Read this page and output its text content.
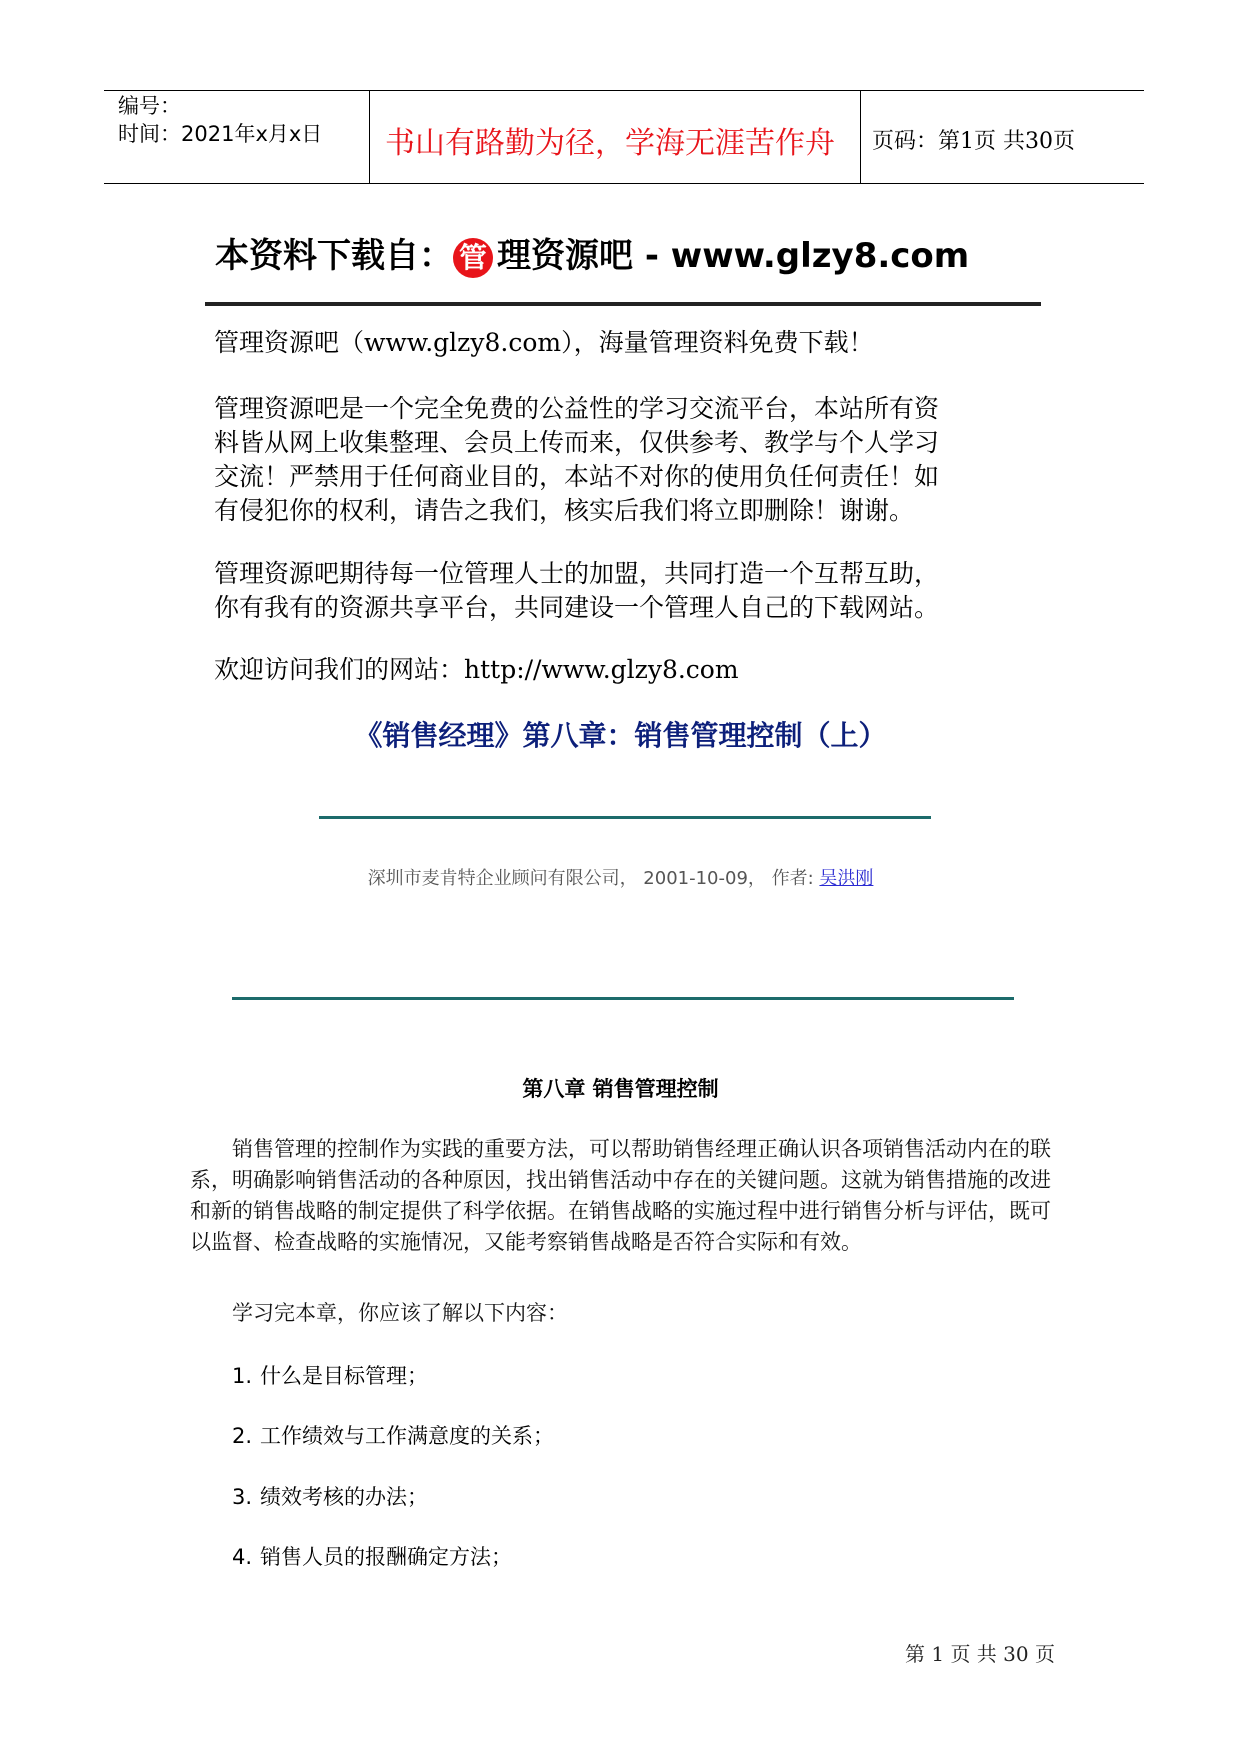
编号：
时间：2021年x月x日	书山有路勤为径，学海无涯苦作舟	页码：第1页 共30页
本资料下载自： 管 理资源吧 - www.glzy8.com
管理资源吧（www.glzy8.com），海量管理资料免费下载！

管理资源吧是一个完全免费的公益性的学习交流平台，本站所有资

料皆从网上收集整理、会员上传而来，仅供参考、教学与个人学习

交流！严禁用于任何商业目的，本站不对你的使用负任何责任！如

有侵犯你的权利，请告之我们，核实后我们将立即删除！谢谢。

管理资源吧期待每一位管理人士的加盟，共同打造一个互帮互助，

你有我有的资源共享平台，共同建设一个管理人自己的下载网站。

欢迎访问我们的网站：http://www.glzy8.com
《销售经理》第八章：销售管理控制（上）
深圳市麦肯特企业顾问有限公司， 2001-10-09， 作者: 吴洪刚
第八章 销售管理控制
销售管理的控制作为实践的重要方法，可以帮助销售经理正确认识各项销售活动内在的联系，明确影响销售活动的各种原因，找出销售活动中存在的关键问题。这就为销售措施的改进和新的销售战略的制定提供了科学依据。在销售战略的实施过程中进行销售分析与评估，既可以监督、检查战略的实施情况，又能考察销售战略是否符合实际和有效。
学习完本章，你应该了解以下内容：
1. 什么是目标管理；
2. 工作绩效与工作满意度的关系；
3. 绩效考核的办法；
4. 销售人员的报酬确定方法；
第 1 页 共 30 页
